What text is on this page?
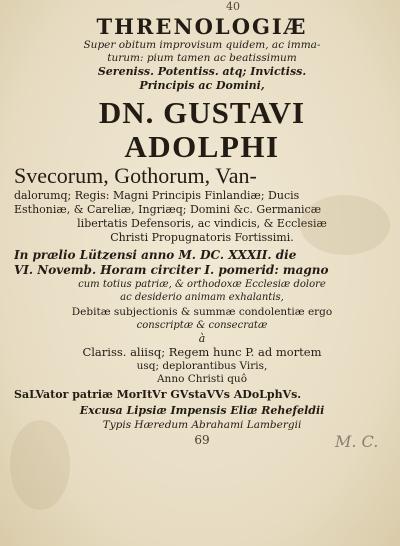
40
THRENOLOGIÆ
Super obitum improvisum quidem, ac imma-
turum: pium tamen ac beatissimum
Sereniss. Potentiss. atq; Invictiss.
Principis ac Domini,
DN. GUSTAVI
ADOLPHI
Svecorum, Gothorum, Van-
dalorumq; Regis: Magni Principis Finlandiæ; Ducis
Esthoniæ, & Careliæ, Ingriæq; Domini &c. Germanicæ
libertatis Defensoris, ac vindicis, & Ecclesiæ
Christi Propugnatoris Fortissimi.
In prælio Lützensi anno M. DC. XXXII. die
VI. Novemb. Horam circiter I. pomerid: magno
cum totius patriæ, & orthodoxæ Ecclesiæ dolore
ac desiderio animam exhalantis,
Debitæ subjectionis & summæ condolentiæ ergo
conscriptæ & consecratæ
à
Clariss. aliisq; Regem hunc P. ad mortem
usq; deplorantibus Viris,
Anno Christi quô
SaLVator patriæ MorItVr GVstaVVs ADoLphVs.
Excusa Lipsiæ Impensis Eliæ Rehefeldii
Typis Hæredum Abrahami Lambergii
M. C.
69
